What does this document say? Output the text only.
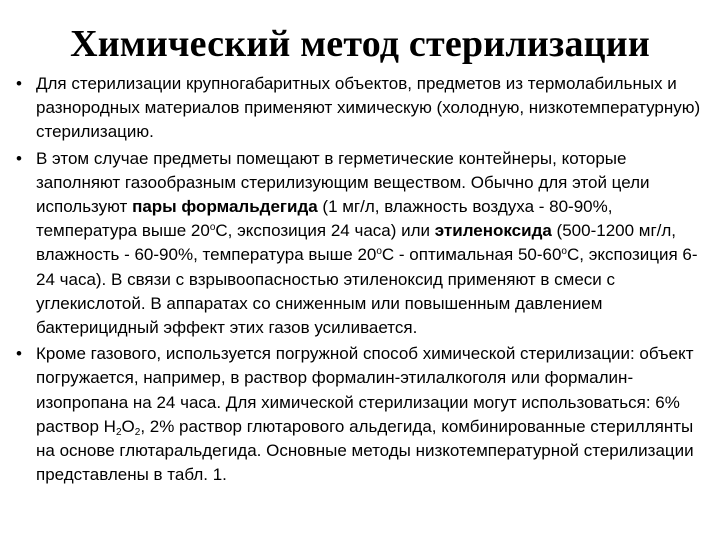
Химический метод стерилизации
• Для стерилизации крупногабаритных объектов, предметов из термолабильных и разнородных материалов применяют химическую (холодную, низкотемпературную) стерилизацию.
• В этом случае предметы помещают в герметические контейнеры, которые заполняют газообразным стерилизующим веществом. Обычно для этой цели используют пары формальдегида (1 мг/л, влажность воздуха - 80-90%, температура выше $20^оС$, экспозиция 24 часа) или этиленоксида (500-1200 мг/л, влажность - 60-90%, температура выше $20^оС$ - оптимальная $50-60^оС$, экспозиция 6-24 часа). В связи с взрывоопасностью этиленоксид применяют в смеси с углекислотой. В аппаратах со сниженным или повышенным давлением бактерицидный эффект этих газов усиливается.
• Кроме газового, используется погружной способ химической стерилизации: объект погружается, например, в раствор формалин-этилалкоголя или формалин-изопропана на 24 часа. Для химической стерилизации могут использоваться: 6% раствор $H_2O_2$, 2% раствор глютарового альдегида, комбинированные стериллянты на основе глютаральдегида. Основные методы низкотемпературной стерилизации представлены в табл. 1.
